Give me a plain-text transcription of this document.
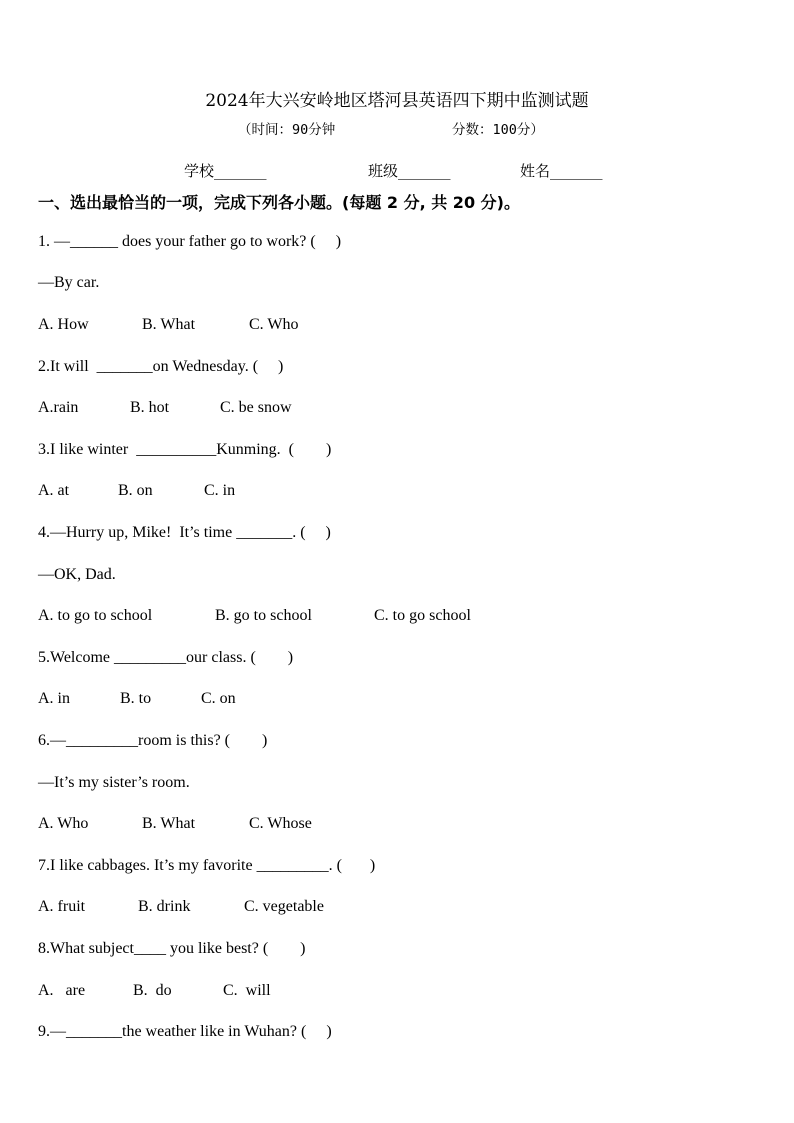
2024年大兴安岭地区塔河县英语四下期中监测试题
（时间：90分钟	分数：100分）
学校_______	班级_______	姓名_______
一、选出最恰当的一项，完成下列各小题。(每题 2 分, 共 20 分)。
1. —______ does your father go to work? (     )
—By car.
A. How	B. What	C. Who
2.It will  _______on Wednesday. (     )
A.rain	B. hot	C. be snow
3.I like winter  __________Kunming.  (        )
A. at	B. on	C. in
4.—Hurry up, Mike!  It’s time _______. (     )
—OK, Dad.
A. to go to school	B. go to school	C. to go school
5.Welcome _________our class. (        )
A. in	B. to	C. on
6.—_________room is this? (        )
—It’s my sister’s room.
A. Who	B. What	C. Whose
7.I like cabbages. It’s my favorite _________. (       )
A. fruit	B. drink	C. vegetable
8.What subject____ you like best? (        )
A.   are	B.  do	C.  will
9.—_______the weather like in Wuhan? (     )
